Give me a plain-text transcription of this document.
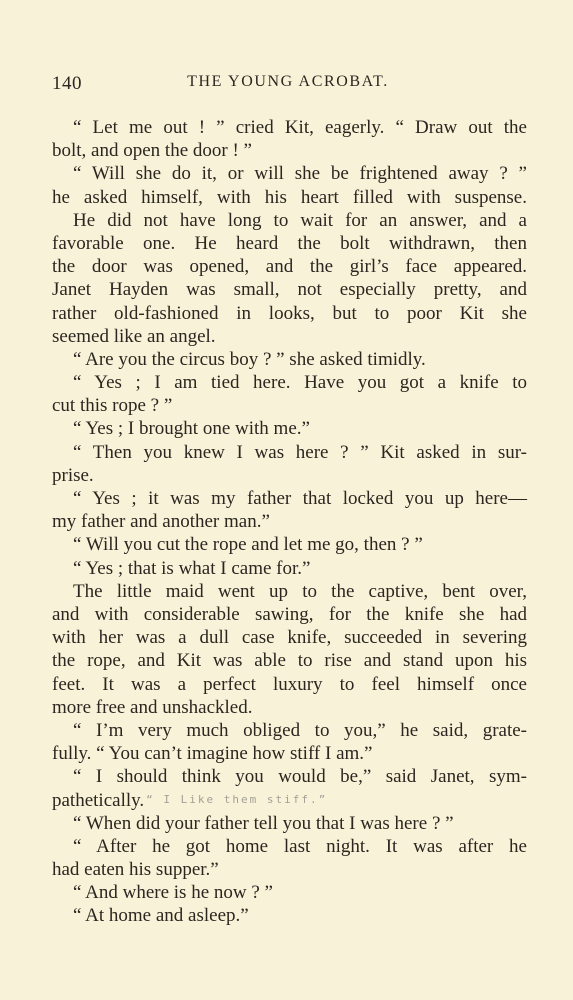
140	THE YOUNG ACROBAT.
“ Let me out ! ” cried Kit, eagerly. “ Draw out the
bolt, and open the door ! ”
“ Will she do it, or will she be frightened away ? ”
he asked himself, with his heart filled with suspense.
He did not have long to wait for an answer, and a
favorable one. He heard the bolt withdrawn, then
the door was opened, and the girl’s face appeared.
Janet Hayden was small, not especially pretty, and
rather old-fashioned in looks, but to poor Kit she
seemed like an angel.
“ Are you the circus boy ? ” she asked timidly.
“ Yes ; I am tied here. Have you got a knife to
cut this rope ? ”
“ Yes ; I brought one with me.”
“ Then you knew I was here ? ” Kit asked in sur-
prise.
“ Yes ; it was my father that locked you up here—
my father and another man.”
“ Will you cut the rope and let me go, then ? ”
“ Yes ; that is what I came for.”
The little maid went up to the captive, bent over,
and with considerable sawing, for the knife she had
with her was a dull case knife, succeeded in severing
the rope, and Kit was able to rise and stand upon his
feet. It was a perfect luxury to feel himself once
more free and unshackled.
“ I’m very much obliged to you,” he said, grate-
fully. “ You can’t imagine how stiff I am.”
“ I should think you would be,” said Janet, sym-
pathetically. “ I Like them stiff.”
“ When did your father tell you that I was here ? ”
“ After he got home last night. It was after he
had eaten his supper.”
“ And where is he now ? ”
“ At home and asleep.”
